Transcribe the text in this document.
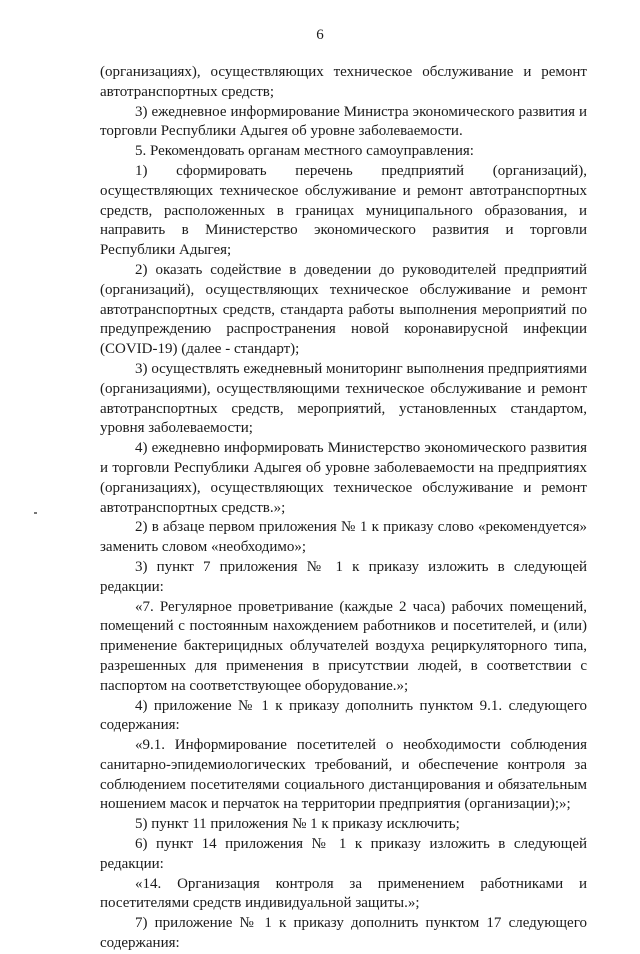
6

(организациях), осуществляющих техническое обслуживание и ремонт автотранспортных средств;

3) ежедневное информирование Министра экономического развития и торговли Республики Адыгея об уровне заболеваемости.

5. Рекомендовать органам местного самоуправления:

1) сформировать перечень предприятий (организаций), осуществляющих техническое обслуживание и ремонт автотранспортных средств, расположенных в границах муниципального образования, и направить в Министерство экономического развития и торговли Республики Адыгея;

2) оказать содействие в доведении до руководителей предприятий (организаций), осуществляющих техническое обслуживание и ремонт автотранспортных средств, стандарта работы выполнения мероприятий по предупреждению распространения новой коронавирусной инфекции (COVID-19) (далее - стандарт);

3) осуществлять ежедневный мониторинг выполнения предприятиями (организациями), осуществляющими техническое обслуживание и ремонт автотранспортных средств, мероприятий, установленных стандартом, уровня заболеваемости;

4) ежедневно информировать Министерство экономического развития и торговли Республики Адыгея об уровне заболеваемости на предприятиях (организациях), осуществляющих техническое обслуживание и ремонт автотранспортных средств.»;

2) в абзаце первом приложения № 1 к приказу слово «рекомендуется» заменить словом «необходимо»;

3) пункт 7 приложения № 1 к приказу изложить в следующей редакции:

«7. Регулярное проветривание (каждые 2 часа) рабочих помещений, помещений с постоянным нахождением работников и посетителей, и (или) применение бактерицидных облучателей воздуха рециркуляторного типа, разрешенных для применения в присутствии людей, в соответствии с паспортом на соответствующее оборудование.»;

4) приложение № 1 к приказу дополнить пунктом 9.1. следующего содержания:

«9.1. Информирование посетителей о необходимости соблюдения санитарно-эпидемиологических требований, и обеспечение контроля за соблюдением посетителями социального дистанцирования и обязательным ношением масок и перчаток на территории предприятия (организации);»;

5) пункт 11 приложения № 1 к приказу исключить;

6) пункт 14 приложения № 1 к приказу изложить в следующей редакции:

«14. Организация контроля за применением работниками и посетителями средств индивидуальной защиты.»;

7) приложение № 1 к приказу дополнить пунктом 17 следующего содержания:
